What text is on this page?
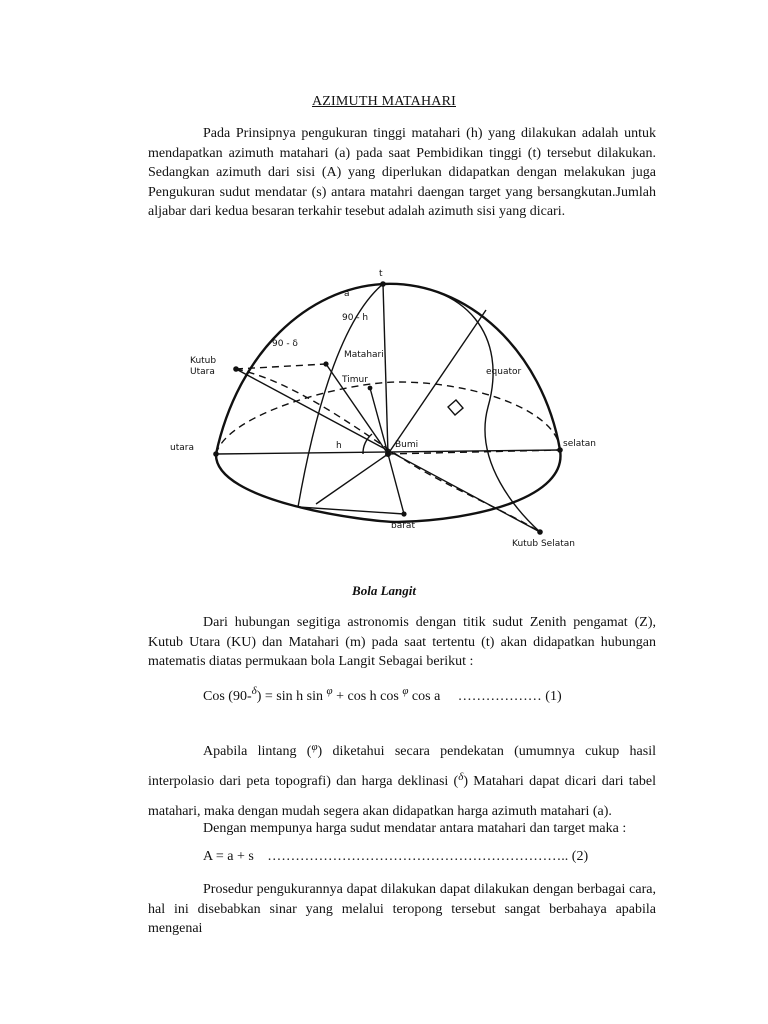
AZIMUTH MATAHARI
Pada Prinsipnya pengukuran tinggi matahari (h) yang dilakukan adalah untuk mendapatkan azimuth matahari (a) pada saat Pembidikan tinggi (t) tersebut dilakukan. Sedangkan azimuth dari sisi (A) yang diperlukan didapatkan dengan melakukan juga Pengukuran sudut mendatar (s) antara matahri daengan target yang bersangkutan.Jumlah aljabar dari kedua besaran terkahir tesebut adalah azimuth sisi yang dicari.
t
a
90 - h
90 - δ
Kutub
Utara
Matahari
Timur
equator
utara	h	Bumi	selatan
barat
Kutub Selatan
Bola Langit
Dari hubungan segitiga astronomis dengan titik sudut Zenith pengamat (Z), Kutub Utara (KU) dan Matahari (m) pada saat tertentu (t) akan didapatkan hubungan matematis diatas permukaan bola Langit Sebagai berikut :
Cos (90-$^\delta$) = sin h sin $^\varphi$ + cos h cos $^\varphi$ cos a ……………… (1)
Apabila lintang ($^\varphi$) diketahui secara pendekatan (umumnya cukup hasil interpolasio dari peta topografi) dan harga deklinasi ($^\delta$) Matahari dapat dicari dari tabel matahari, maka dengan mudah segera akan didapatkan harga azimuth matahari (a).
Dengan mempunya harga sudut mendatar antara matahari dan target maka :
A = a + s ……………………………………………………….. (2)
Prosedur pengukurannya dapat dilakukan dapat dilakukan dengan berbagai cara, hal ini disebabkan sinar yang melalui teropong tersebut sangat berbahaya apabila mengenai
